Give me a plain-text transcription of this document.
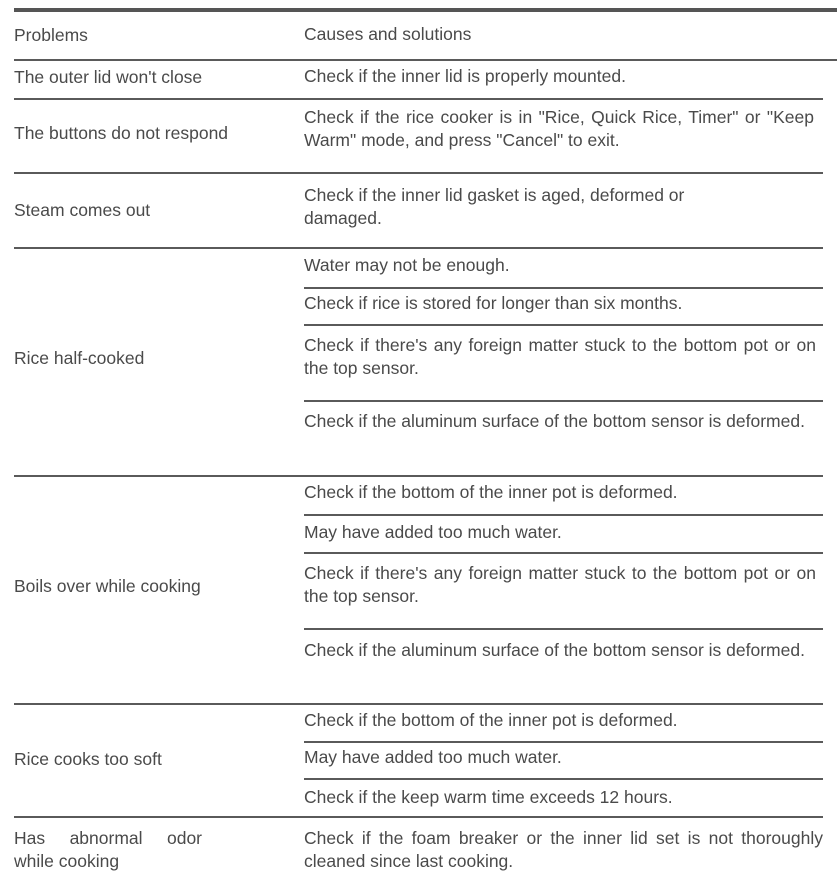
Problems	Causes and solutions
The outer lid won't close	Check if the inner lid is properly mounted.
The buttons do not respond
Check if the rice cooker is in "Rice, Quick Rice, Timer" or "Keep Warm" mode, and press "Cancel" to exit.
Steam comes out
Check if the inner lid gasket is aged, deformed or damaged.
Rice half-cooked
Water may not be enough.
Check if rice is stored for longer than six months.
Check if there's any foreign matter stuck to the bottom pot or on the top sensor.
Check if the aluminum surface of the bottom sensor is deformed.
Boils over while cooking
Check if the bottom of the inner pot is deformed.
May have added too much water.
Check if there's any foreign matter stuck to the bottom pot or on the top sensor.
Check if the aluminum surface of the bottom sensor is deformed.
Rice cooks too soft
Check if the bottom of the inner pot is deformed.
May have added too much water.
Check if the keep warm time exceeds 12 hours.
Has abnormal odor while cooking
Check if the foam breaker or the inner lid set is not thoroughly cleaned since last cooking.
